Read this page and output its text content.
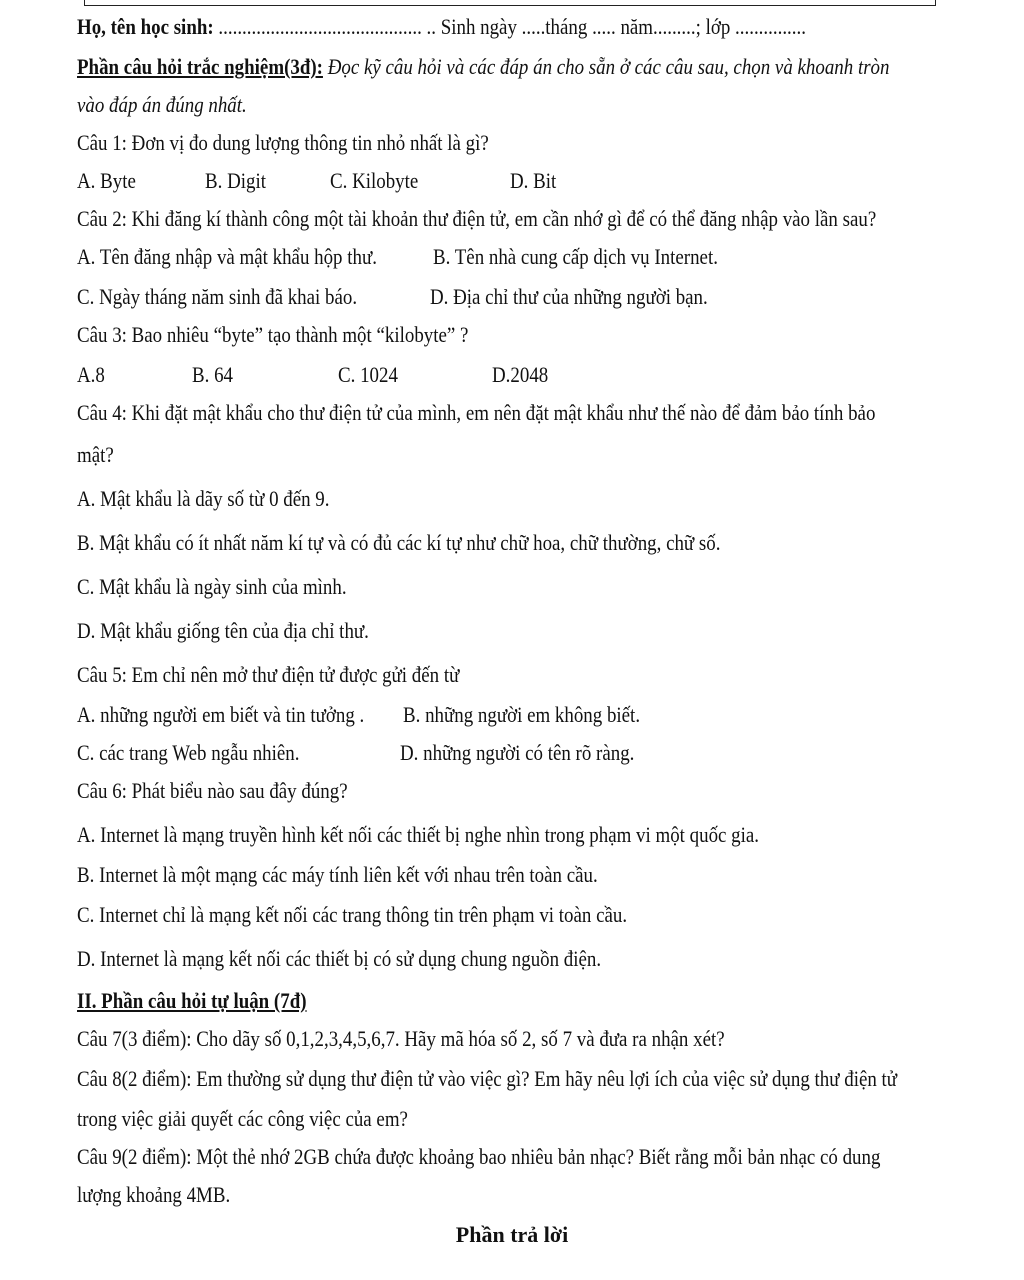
Họ, tên học sinh: ........................................... .. Sinh ngày .....tháng ..... năm.........; lớp ...............
Phần câu hỏi trắc nghiệm(3đ): Đọc kỹ câu hỏi và các đáp án cho sẵn ở các câu sau, chọn và khoanh tròn
vào đáp án đúng nhất.
Câu 1: Đơn vị đo dung lượng thông tin nhỏ nhất là gì?
A. Byte	B. Digit	C. Kilobyte	D. Bit
Câu 2: Khi đăng kí thành công một tài khoản thư điện tử, em cần nhớ gì để có thể đăng nhập vào lần sau?
A. Tên đăng nhập và mật khẩu hộp thư.	B. Tên nhà cung cấp dịch vụ Internet.
C. Ngày tháng năm sinh đã khai báo.	D. Địa chỉ thư của những người bạn.
Câu 3: Bao nhiêu “byte” tạo thành một “kilobyte” ?
A.8	B. 64	C. 1024	D.2048
Câu 4: Khi đặt mật khẩu cho thư điện tử của mình, em nên đặt mật khẩu như thế nào để đảm bảo tính bảo
mật?
A. Mật khẩu là dãy số từ 0 đến 9.
B. Mật khẩu có ít nhất năm kí tự và có đủ các kí tự như chữ hoa, chữ thường, chữ số.
C. Mật khẩu là ngày sinh của mình.
D. Mật khẩu giống tên của địa chỉ thư.
Câu 5: Em chỉ nên mở thư điện tử được gửi đến từ
A. những người em biết và tin tưởng . B. những người em không biết.
C. các trang Web ngẫu nhiên.	D. những người có tên rõ ràng.
Câu 6: Phát biểu nào sau đây đúng?
A. Internet là mạng truyền hình kết nối các thiết bị nghe nhìn trong phạm vi một quốc gia.
B. Internet là một mạng các máy tính liên kết với nhau trên toàn cầu.
C. Internet chỉ là mạng kết nối các trang thông tin trên phạm vi toàn cầu.
D. Internet là mạng kết nối các thiết bị có sử dụng chung nguồn điện.
II. Phần câu hỏi tự luận (7đ)
Câu 7(3 điểm): Cho dãy số 0,1,2,3,4,5,6,7. Hãy mã hóa số 2, số 7 và đưa ra nhận xét?
Câu 8(2 điểm): Em thường sử dụng thư điện tử vào việc gì? Em hãy nêu lợi ích của việc sử dụng thư điện tử
trong việc giải quyết các công việc của em?
Câu 9(2 điểm): Một thẻ nhớ 2GB chứa được khoảng bao nhiêu bản nhạc? Biết rằng mỗi bản nhạc có dung
lượng khoảng 4MB.
Phần trả lời
